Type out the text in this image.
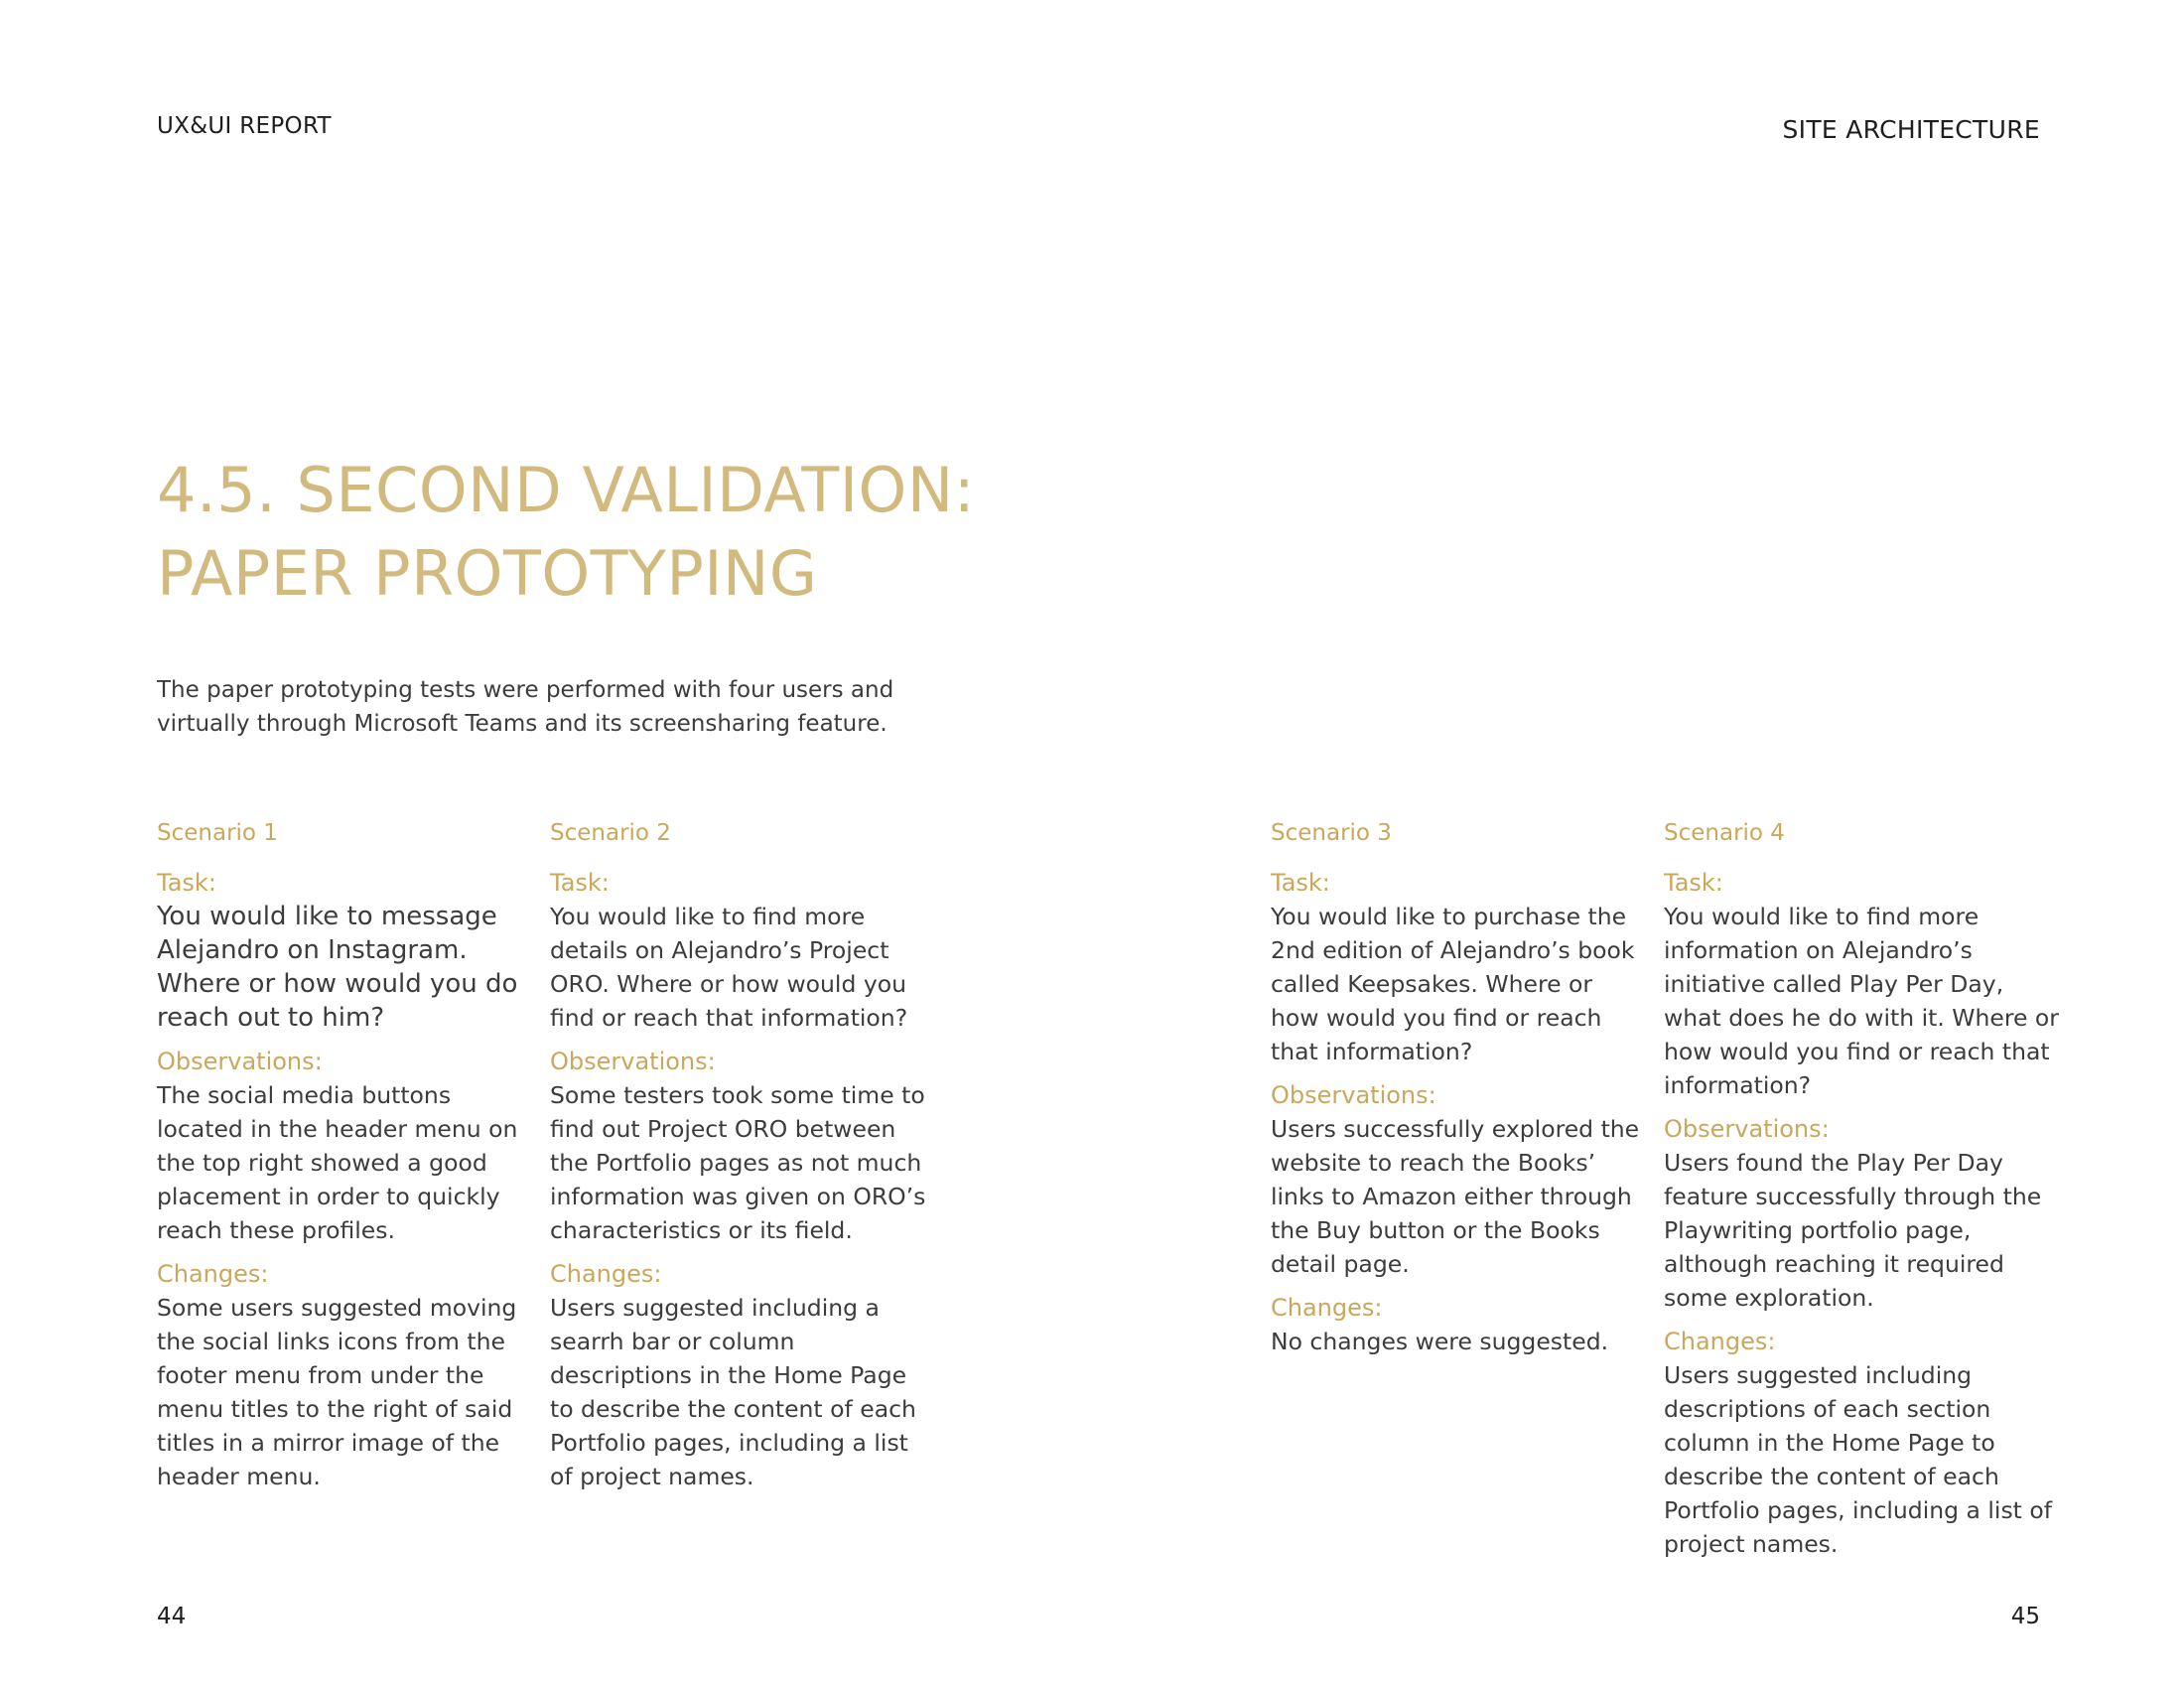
UX&UI REPORT	SITE ARCHITECTURE
4.5. SECOND VALIDATION:
PAPER PROTOTYPING

The paper prototyping tests were performed with four users and virtually through Microsoft Teams and its screensharing feature.

Scenario 1
Task:

You would like to message Alejandro on Instagram. Where or how would you do reach out to him?

Observations:

The social media buttons located in the header menu on the top right showed a good placement in order to quickly reach these profiles.

Changes:

Some users suggested moving the social links icons from the footer menu from under the menu titles to the right of said titles in a mirror image of the header menu.

Scenario 2
Task:

You would like to find more details on Alejandro’s Project ORO. Where or how would you find or reach that information?

Observations:

Some testers took some time to find out Project ORO between the Portfolio pages as not much information was given on ORO’s characteristics or its field.

Changes:

Users suggested including a searrh bar or column descriptions in the Home Page to describe the content of each Portfolio pages, including a list of project names.

Scenario 3
Task:

You would like to purchase the 2nd edition of Alejandro’s book called Keepsakes. Where or how would you find or reach that information?

Observations:

Users successfully explored the website to reach the Books’ links to Amazon either through the Buy button or the Books detail page.

Changes:

No changes were suggested.

Scenario 4
Task:

You would like to find more information on Alejandro’s initiative called Play Per Day, what does he do with it. Where or how would you find or reach that information?

Observations:

Users found the Play Per Day feature successfully through the Playwriting portfolio page, although reaching it required some exploration.

Changes:

Users suggested including descriptions of each section column in the Home Page to describe the content of each Portfolio pages, including a list of project names.

44	45
